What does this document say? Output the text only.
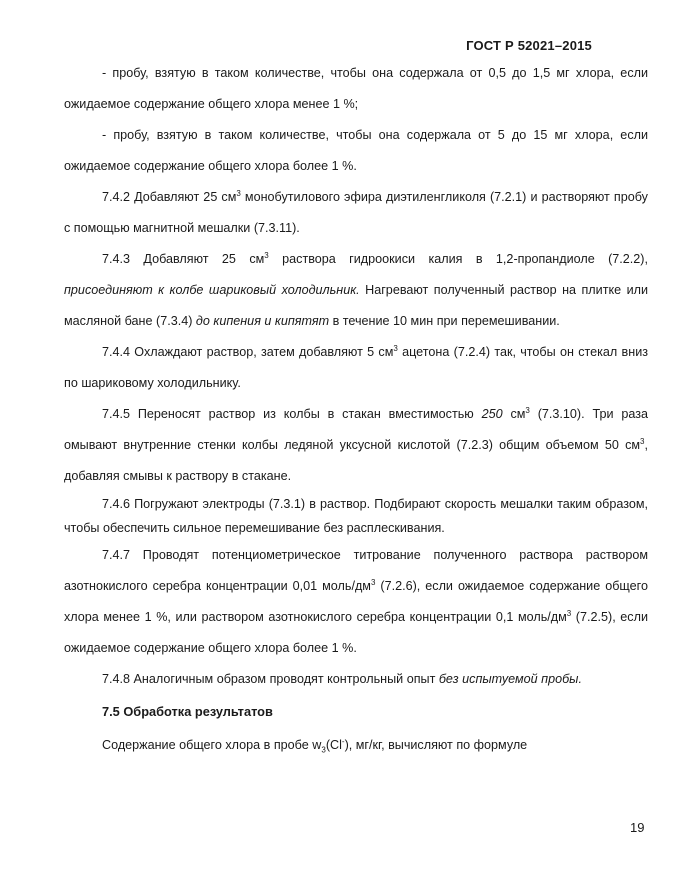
ГОСТ Р 52021–2015

- пробу, взятую в таком количестве, чтобы она содержала от 0,5 до 1,5 мг хлора, если ожидаемое содержание общего хлора менее 1 %;

- пробу, взятую в таком количестве, чтобы она содержала от 5 до 15 мг хлора, если ожидаемое содержание общего хлора более 1 %.

7.4.2 Добавляют 25 $см^3$ монобутилового эфира диэтиленгликоля (7.2.1) и растворяют пробу с помощью магнитной мешалки (7.3.11).

7.4.3 Добавляют 25 $см^3$ раствора гидроокиси калия в 1,2-пропандиоле (7.2.2), присоединяют к колбе шариковый холодильник. Нагревают полученный раствор на плитке или масляной бане (7.3.4) до кипения и кипятят в течение 10 мин при перемешивании.

7.4.4 Охлаждают раствор, затем добавляют 5 $см^3$ ацетона (7.2.4) так, чтобы он стекал вниз по шариковому холодильнику.

7.4.5 Переносят раствор из колбы в стакан вместимостью 250 $см^3$ (7.3.10). Три раза омывают внутренние стенки колбы ледяной уксусной кислотой (7.2.3) общим объемом 50 $см^3$, добавляя смывы к раствору в стакане.

7.4.6 Погружают электроды (7.3.1) в раствор. Подбирают скорость мешалки таким образом, чтобы обеспечить сильное перемешивание без расплескивания.

7.4.7 Проводят потенциометрическое титрование полученного раствора раствором азотнокислого серебра концентрации 0,01 моль/$дм^3$ (7.2.6), если ожидаемое содержание общего хлора менее 1 %, или раствором азотнокислого серебра концентрации 0,1 моль/$дм^3$ (7.2.5), если ожидаемое содержание общего хлора более 1 %.

7.4.8 Аналогичным образом проводят контрольный опыт без испытуемой пробы.

7.5 Обработка результатов

Содержание общего хлора в пробе $w_3(Cl^-)$, мг/кг, вычисляют по формуле

19
